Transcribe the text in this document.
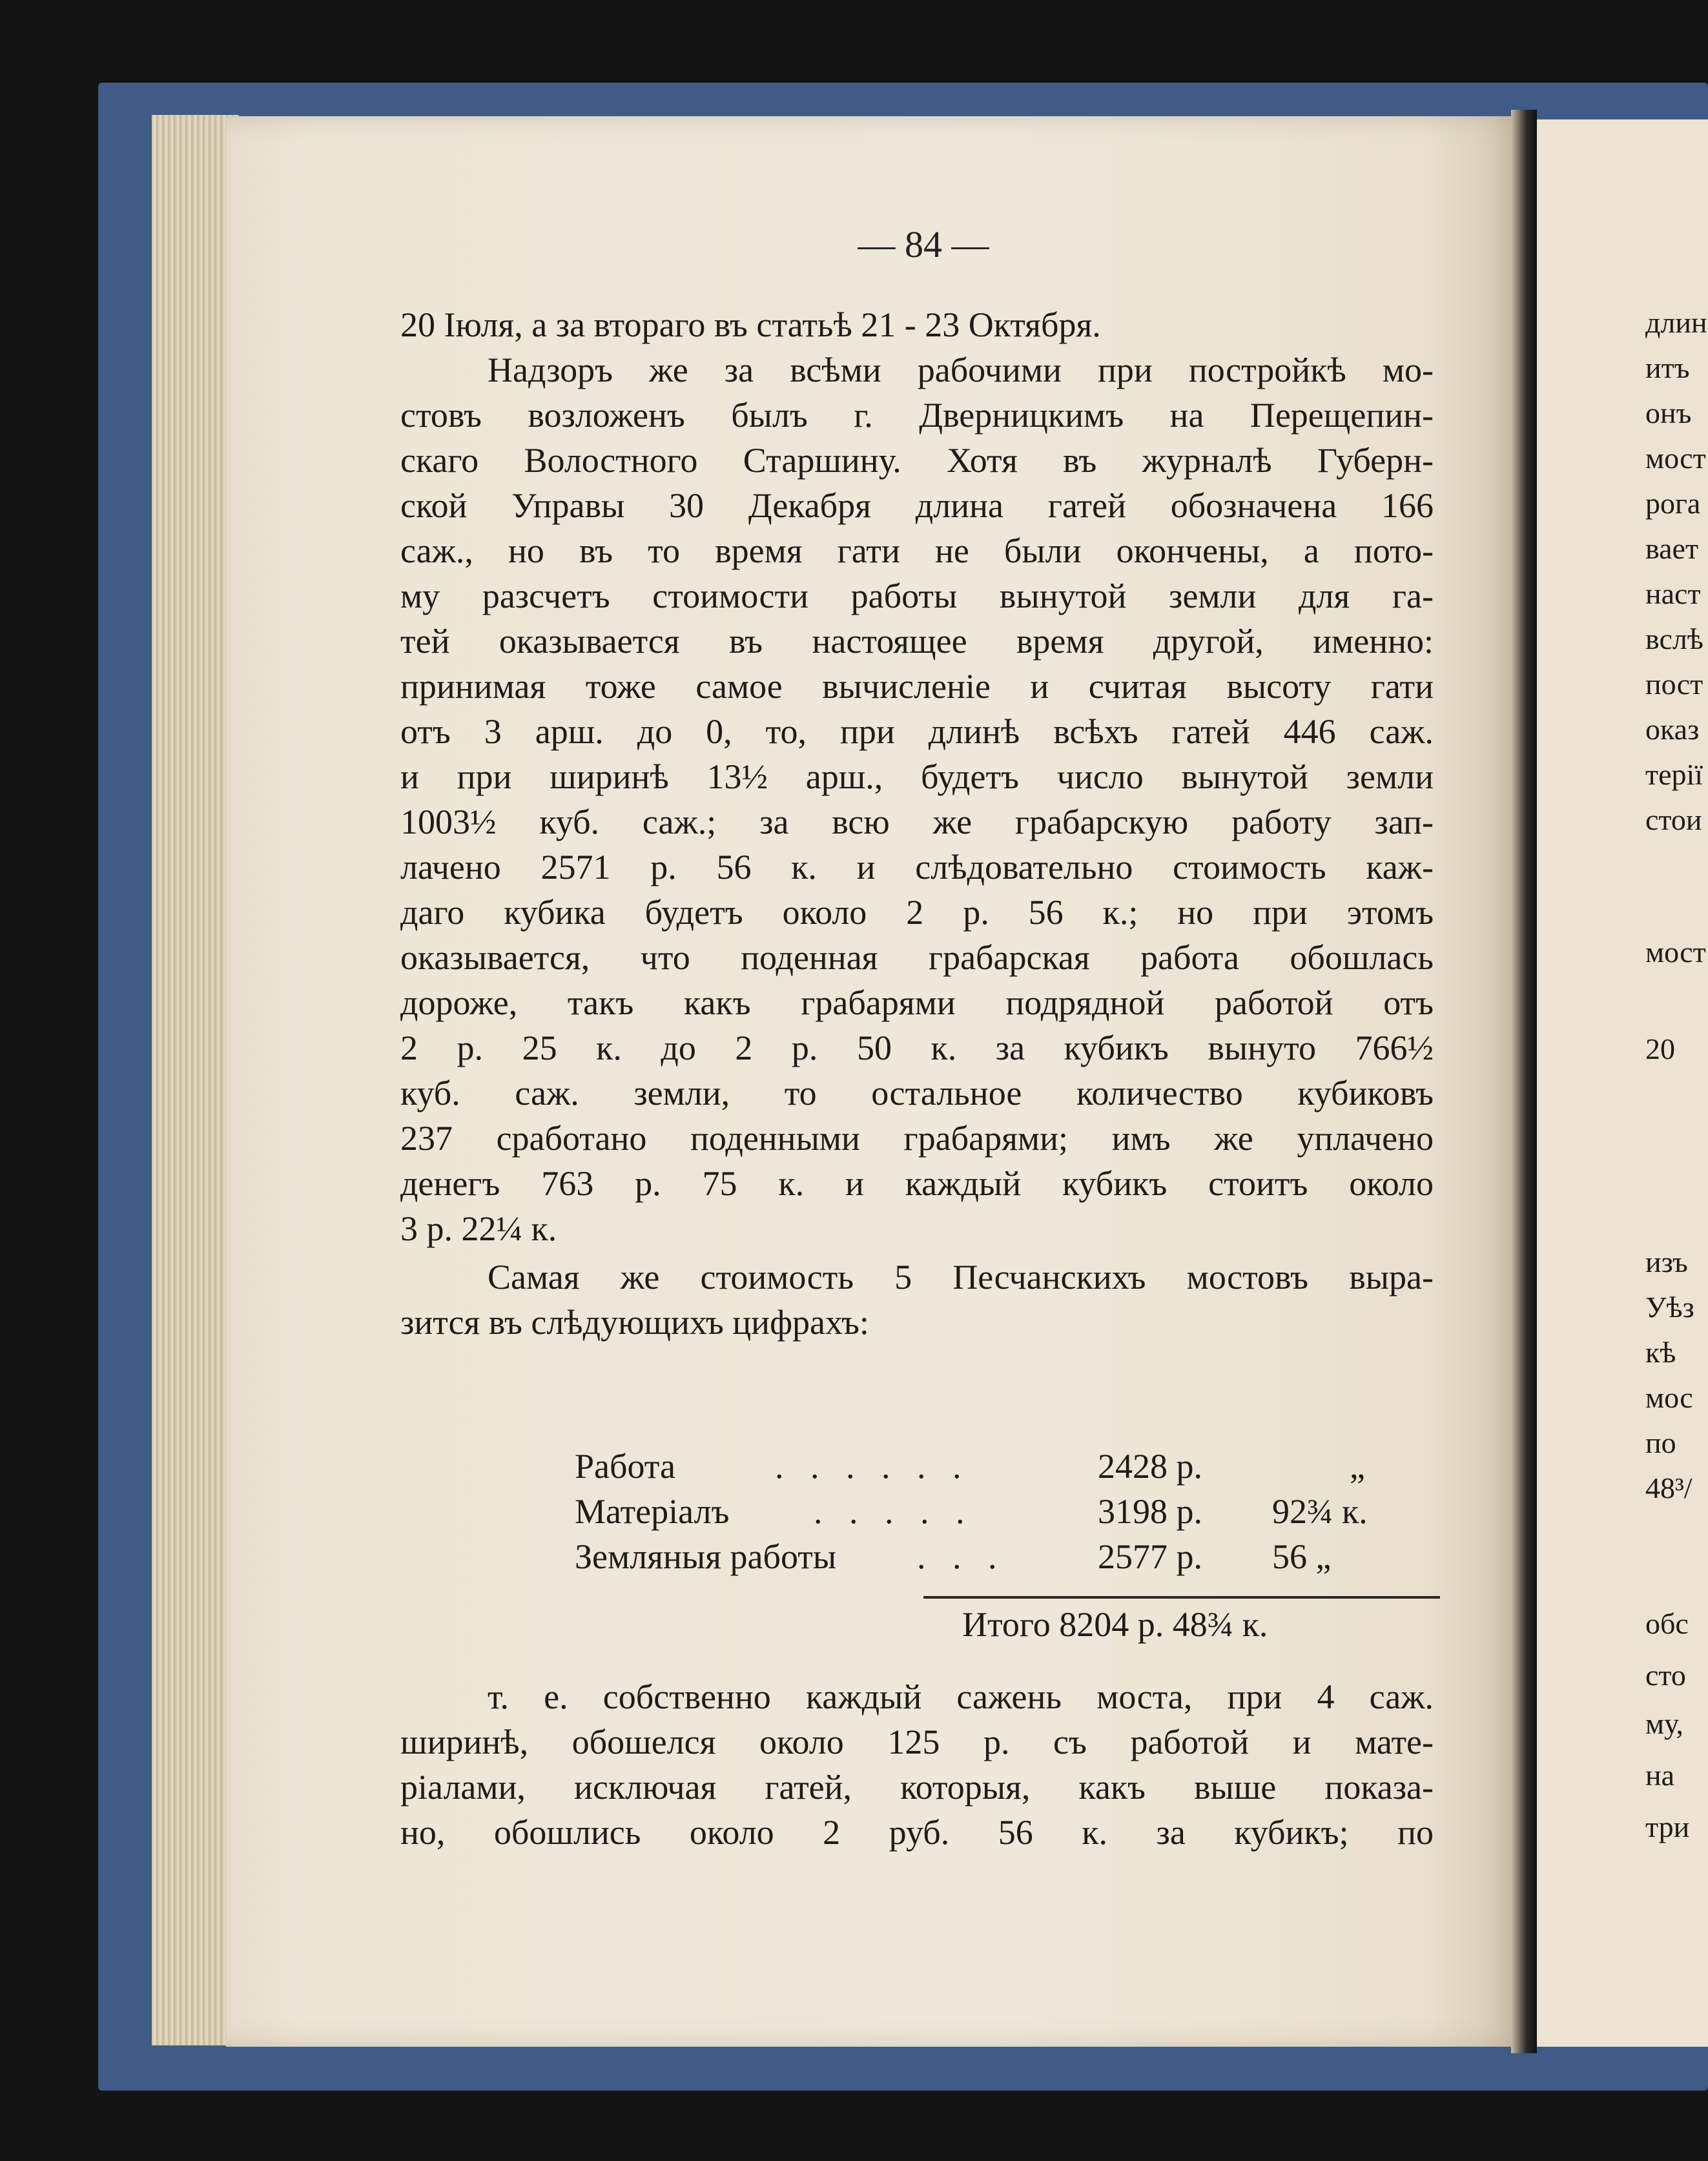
— 84 —
20 Іюля, а за втораго въ статьѣ 21 - 23 Октября.
Надзоръ же за всѣми рабочими при постройкѣ мо-
стовъ возложенъ былъ г. Дверницкимъ на Перещепин-
скаго Волостного Старшину. Хотя въ журналѣ Губерн-
ской Управы 30 Декабря длина гатей обозначена 166
саж., но въ то время гати не были окончены, а пото-
му разсчетъ стоимости работы вынутой земли для га-
тей оказывается въ настоящее время другой, именно:
принимая тоже самое вычисленіе и считая высоту гати
отъ 3 арш. до 0, то, при длинѣ всѣхъ гатей 446 саж.
и при ширинѣ 13½ арш., будетъ число вынутой земли
1003½ куб. саж.; за всю же грабарскую работу зап-
лачено 2571 р. 56 к. и слѣдовательно стоимость каж-
даго кубика будетъ около 2 р. 56 к.; но при этомъ
оказывается, что поденная грабарская работа обошлась
дороже, такъ какъ грабарями подрядной работой отъ
2 р. 25 к. до 2 р. 50 к. за кубикъ вынуто 766½
куб. саж. земли, то остальное количество кубиковъ
237 сработано поденными грабарями; имъ же уплачено
денегъ 763 р. 75 к. и каждый кубикъ стоитъ около
3 р. 22¼ к.
Самая же стоимость 5 Песчанскихъ мостовъ выра-
зится въ слѣдующихъ цифрахъ:
Работа	. . . . . .	2428 р.	„
Матеріалъ . . . . .	3198 р. 92¾ к.
Земляныя работы . . .	2577 р. 56 „
Итого 8204 р. 48¾ к.
т. е. собственно каждый сажень моста, при 4 саж.
ширинѣ, обошелся около 125 р. съ работой и мате-
ріалами, исключая гатей, которыя, какъ выше показа-
но, обошлись около 2 руб. 56 к. за кубикъ; по
длин
итъ
онъ
мост
рога
вает
наст
вслѣ
пост
оказ
терії
стои
мост
20
изъ
Уѣз
кѣ
мос
по
48³/
обс
сто
му,
на
три
